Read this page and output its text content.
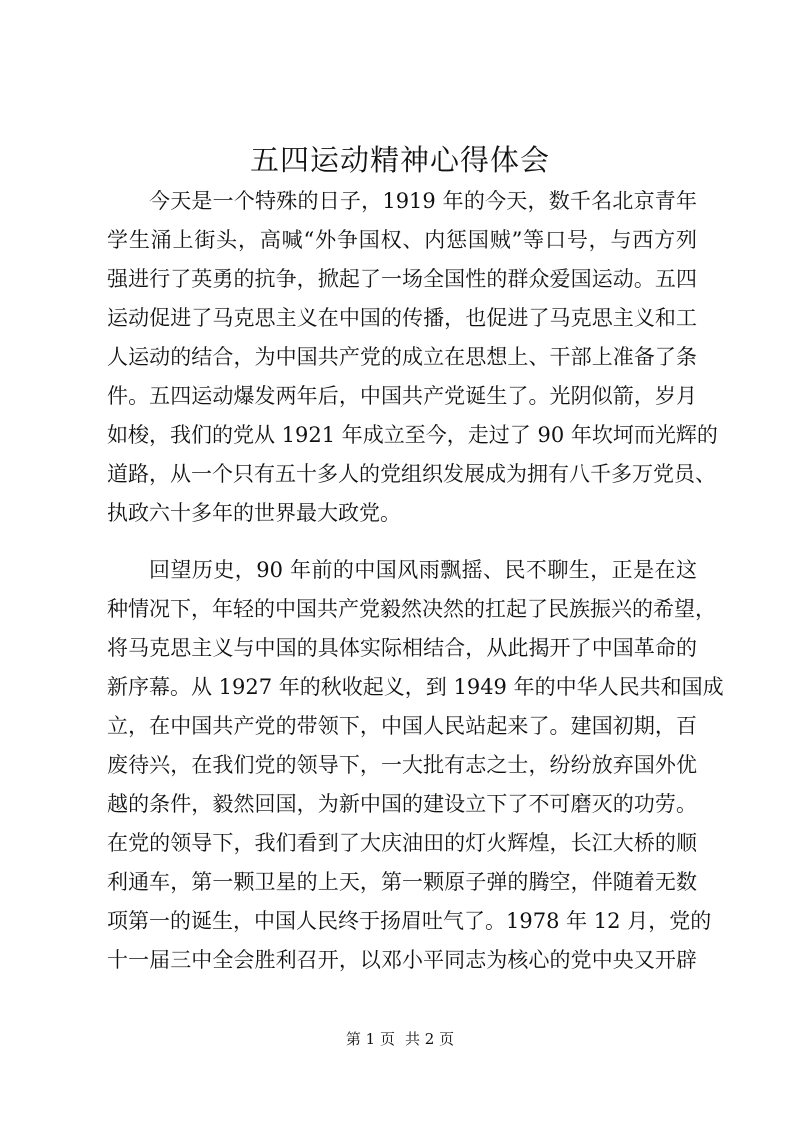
五四运动精神心得体会

今天是一个特殊的日子，1919 年的今天，数千名北京青年

学生涌上街头，高喊“外争国权、内惩国贼”等口号，与西方列

强进行了英勇的抗争，掀起了一场全国性的群众爱国运动。五四

运动促进了马克思主义在中国的传播，也促进了马克思主义和工

人运动的结合，为中国共产党的成立在思想上、干部上准备了条

件。五四运动爆发两年后，中国共产党诞生了。光阴似箭，岁月

如梭，我们的党从 1921 年成立至今，走过了 90 年坎坷而光辉的

道路，从一个只有五十多人的党组织发展成为拥有八千多万党员、

执政六十多年的世界最大政党。

回望历史，90 年前的中国风雨飘摇、民不聊生，正是在这

种情况下，年轻的中国共产党毅然决然的扛起了民族振兴的希望，

将马克思主义与中国的具体实际相结合，从此揭开了中国革命的

新序幕。从 1927 年的秋收起义，到 1949 年的中华人民共和国成

立，在中国共产党的带领下，中国人民站起来了。建国初期，百

废待兴，在我们党的领导下，一大批有志之士，纷纷放弃国外优

越的条件，毅然回国，为新中国的建设立下了不可磨灭的功劳。

在党的领导下，我们看到了大庆油田的灯火辉煌，长江大桥的顺

利通车，第一颗卫星的上天，第一颗原子弹的腾空，伴随着无数

项第一的诞生，中国人民终于扬眉吐气了。1978 年 12 月，党的

十一届三中全会胜利召开，以邓小平同志为核心的党中央又开辟

第 1 页 共 2 页
